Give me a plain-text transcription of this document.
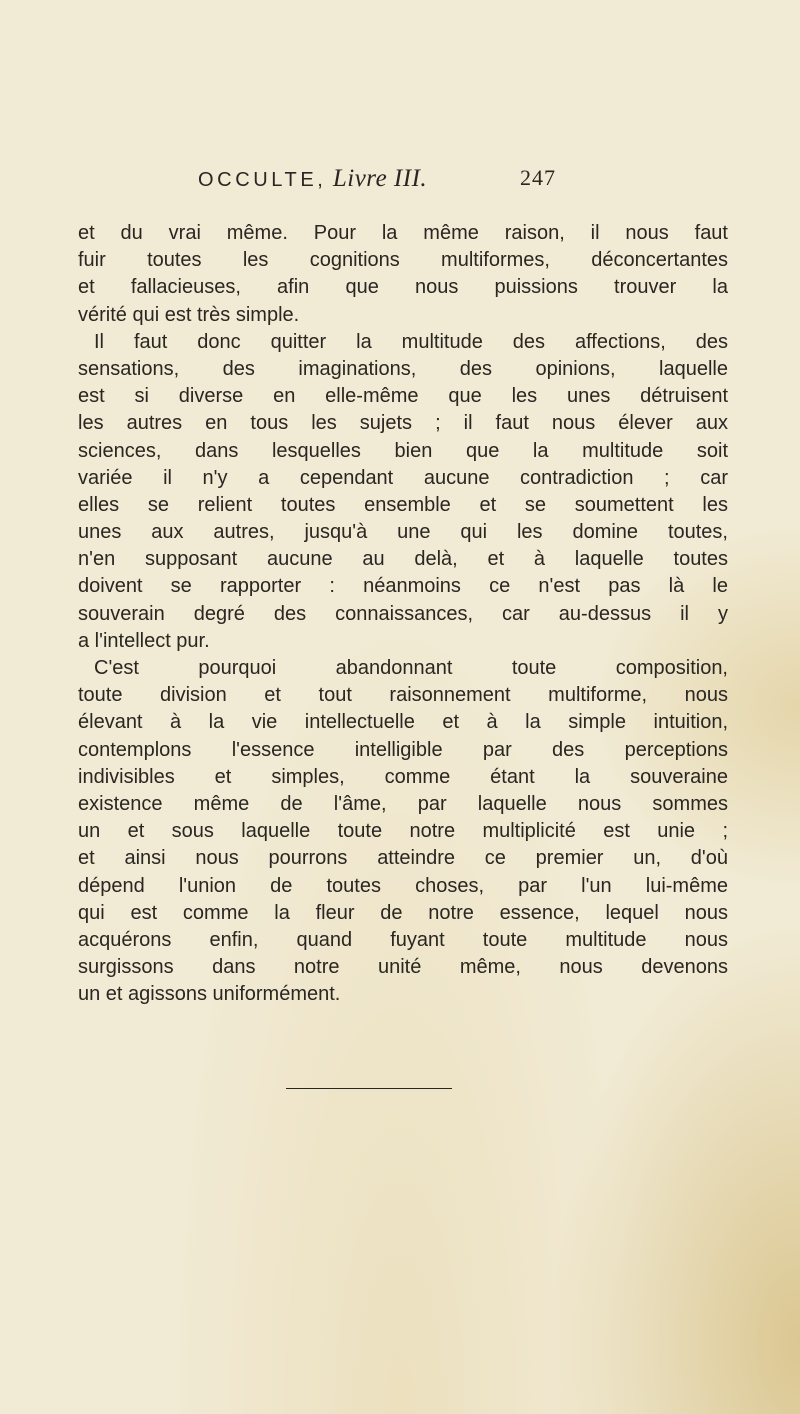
OCCULTE, Livre III.	247
et du vrai même. Pour la même raison, il nous faut
fuir toutes les cognitions multiformes, déconcertantes
et fallacieuses, afin que nous puissions trouver la
vérité qui est très simple.
Il faut donc quitter la multitude des affections, des
sensations, des imaginations, des opinions, laquelle
est si diverse en elle-même que les unes détruisent
les autres en tous les sujets ; il faut nous élever aux
sciences, dans lesquelles bien que la multitude soit
variée il n'y a cependant aucune contradiction ; car
elles se relient toutes ensemble et se soumettent les
unes aux autres, jusqu'à une qui les domine toutes,
n'en supposant aucune au delà, et à laquelle toutes
doivent se rapporter : néanmoins ce n'est pas là le
souverain degré des connaissances, car au-dessus il y
a l'intellect pur.
C'est pourquoi abandonnant toute composition,
toute division et tout raisonnement multiforme, nous
élevant à la vie intellectuelle et à la simple intuition,
contemplons l'essence intelligible par des perceptions
indivisibles et simples, comme étant la souveraine
existence même de l'âme, par laquelle nous sommes
un et sous laquelle toute notre multiplicité est unie ;
et ainsi nous pourrons atteindre ce premier un, d'où
dépend l'union de toutes choses, par l'un lui-même
qui est comme la fleur de notre essence, lequel nous
acquérons enfin, quand fuyant toute multitude nous
surgissons dans notre unité même, nous devenons
un et agissons uniformément.
